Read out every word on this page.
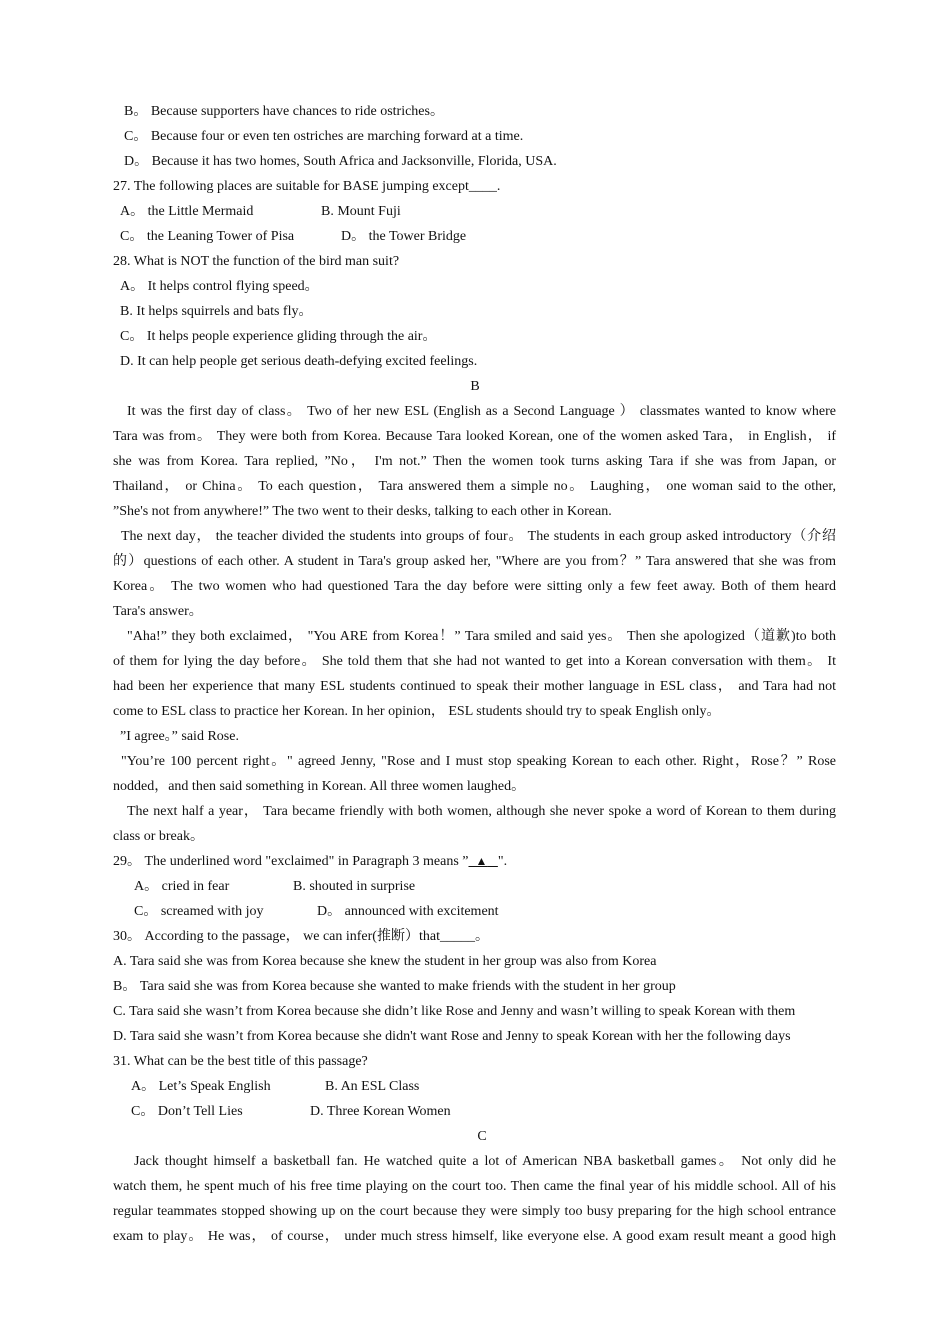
B。 Because supporters have chances to ride ostriches。
C。 Because four or even ten ostriches are marching forward at a time.
D。 Because it has two homes, South Africa and Jacksonville, Florida, USA.
27. The following places are suitable for BASE jumping except____.
A。 the Little Mermaid	B. Mount Fuji
C。 the Leaning Tower of Pisa	D。 the Tower Bridge
28. What is NOT the function of the bird man suit?
A。 It helps control flying speed。
B. It helps squirrels and bats fly。
C。 It helps people experience gliding through the air。
D. It can help people get serious death-defying excited feelings.
B
It was the first day of class。 Two of her new ESL (English as a Second Language ） classmates wanted to know where
Tara was from。 They were both from Korea. Because Tara looked Korean, one of the women asked Tara， in English， if
she was from Korea. Tara replied, ”No， I'm not.” Then the women took turns asking Tara if she was from Japan, or
Thailand， or China。 To each question， Tara answered them a simple no。 Laughing， one woman said to the other,
”She's not from anywhere!” The two went to their desks, talking to each other in Korean.
The next day， the teacher divided the students into groups of four。 The students in each group asked introductory（介绍
的）questions of each other. A student in Tara's group asked her, "Where are you from？” Tara answered that she was from
Korea。 The two women who had questioned Tara the day before were sitting only a few feet away. Both of them heard
Tara's answer。
"Aha!” they both exclaimed， "You ARE from Korea！” Tara smiled and said yes。 Then she apologized（道歉)to both
of them for lying the day before。 She told them that she had not wanted to get into a Korean conversation with them。 It
had been her experience that many ESL students continued to speak their mother language in ESL class， and Tara had not
come to ESL class to practice her Korean. In her opinion， ESL students should try to speak English only。
”I agree。” said Rose.
"You’re 100 percent right。" agreed Jenny, "Rose and I must stop speaking Korean to each other. Right，Rose？” Rose
nodded，and then said something in Korean. All three women laughed。
The next half a year， Tara became friendly with both women, although she never spoke a word of Korean to them during
class or break。
29。 The underlined word "exclaimed" in Paragraph 3 means ” ▲ ".
A。 cried in fear	B. shouted in surprise
C。 screamed with joy	D。 announced with excitement
30。 According to the passage， we can infer(推断）that_____。
A. Tara said she was from Korea because she knew the student in her group was also from Korea
B。 Tara said she was from Korea because she wanted to make friends with the student in her group
C. Tara said she wasn’t from Korea because she didn’t like Rose and Jenny and wasn’t willing to speak Korean with them
D. Tara said she wasn’t from Korea because she didn't want Rose and Jenny to speak Korean with her the following days
31. What can be the best title of this passage?
A。 Let’s Speak English	B. An ESL Class
C。 Don’t Tell Lies	D. Three Korean Women
C
Jack thought himself a basketball fan. He watched quite a lot of American NBA basketball games。 Not only did he
watch them, he spent much of his free time playing on the court too. Then came the final year of his middle school. All of his
regular teammates stopped showing up on the court because they were simply too busy preparing for the high school entrance
exam to play。 He was， of course， under much stress himself, like everyone else. A good exam result meant a good high
